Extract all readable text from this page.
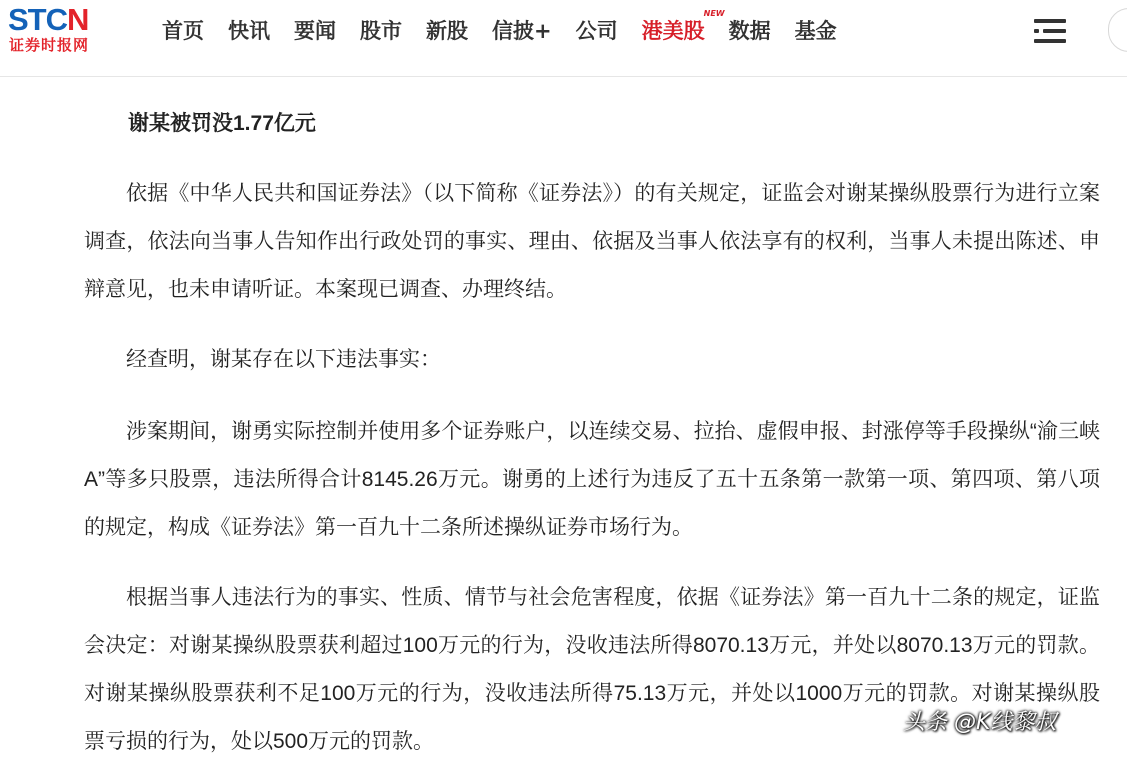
STCN
证券时报网
首页 快讯 要闻 股市 新股 信披+ 公司 港美股
NEW
数据 基金
谢某被罚没1.77亿元

依据《中华人民共和国证券法》（以下简称《证券法》）的有关规定，证监会对谢某操纵股票行为进行立案调查，依法向当事人告知作出行政处罚的事实、理由、依据及当事人依法享有的权利，当事人未提出陈述、申辩意见，也未申请听证。本案现已调查、办理终结。

经查明，谢某存在以下违法事实：

涉案期间，谢勇实际控制并使用多个证券账户，以连续交易、拉抬、虚假申报、封涨停等手段操纵“渝三峡A”等多只股票，违法所得合计8145.26万元。谢勇的上述行为违反了五十五条第一款第一项、第四项、第八项的规定，构成《证券法》第一百九十二条所述操纵证券市场行为。

根据当事人违法行为的事实、性质、情节与社会危害程度，依据《证券法》第一百九十二条的规定，证监会决定：对谢某操纵股票获利超过100万元的行为，没收违法所得8070.13万元，并处以8070.13万元的罚款。对谢某操纵股票获利不足100万元的行为，没收违法所得75.13万元，并处以1000万元的罚款。对谢某操纵股票亏损的行为，处以500万元的罚款。

头条 @K线黎叔
